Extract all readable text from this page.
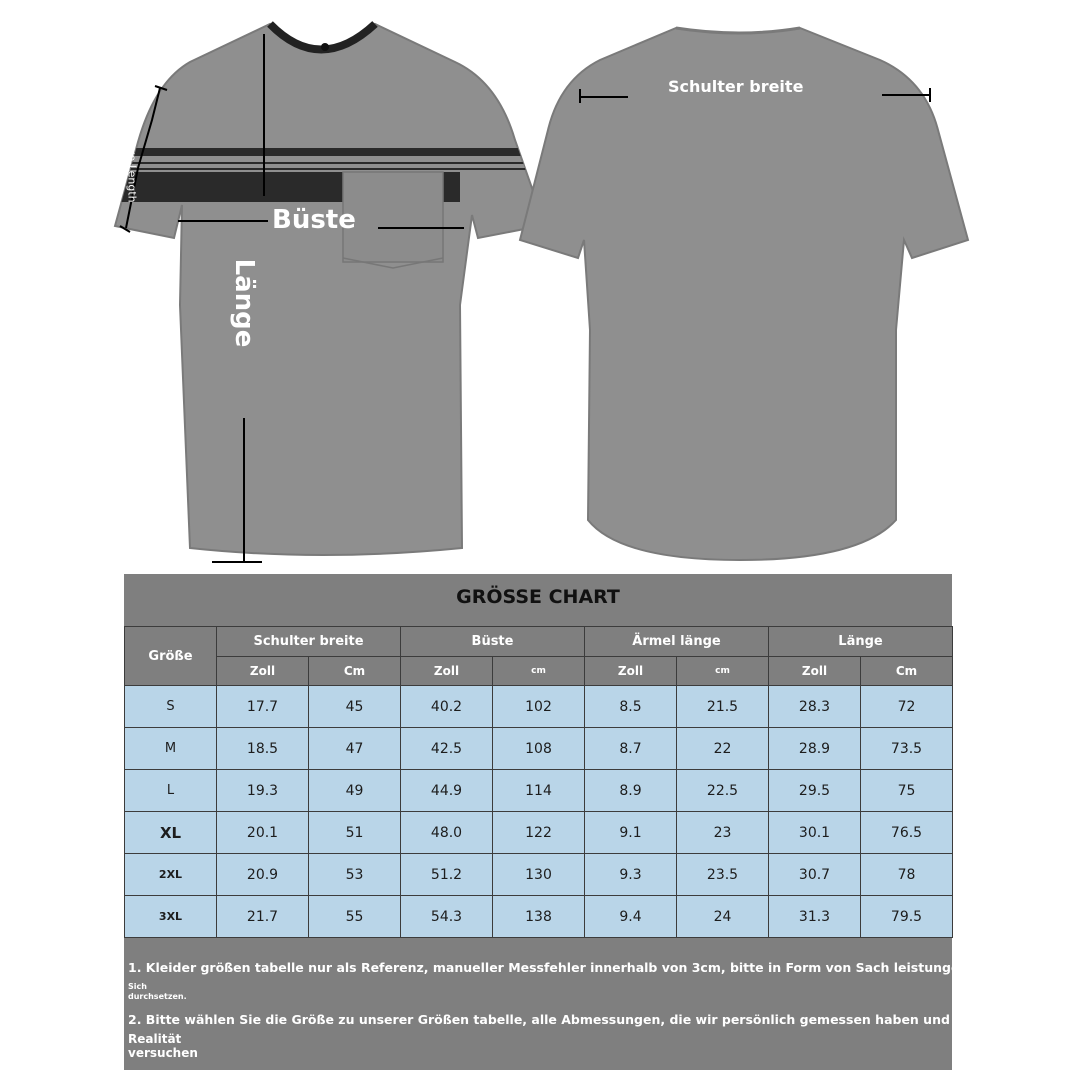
Sleeve Length
Büste
Länge
Schulter breite
GRÖSSE CHART
Größe	Schulter breite		Büste		Ärmel länge		Länge	
	Zoll	Cm	Zoll	cm	Zoll	cm	Zoll	Cm
S	17.7	45	40.2	102	8.5	21.5	28.3	72
M	18.5	47	42.5	108	8.7	22	28.9	73.5
L	19.3	49	44.9	114	8.9	22.5	29.5	75
XL	20.1	51	48.0	122	9.1	23	30.1	76.5
2XL	20.9	53	51.2	130	9.3	23.5	30.7	78
3XL	21.7	55	54.3	138	9.4	24	31.3	79.5
1. Kleider größen tabelle nur als Referenz, manueller Messfehler innerhalb von 3cm, bitte in Form von Sach leistungen
Sich durchsetzen.
2. Bitte wählen Sie die Größe zu unserer Größen tabelle, alle Abmessungen, die wir persönlich gemessen haben und
Realität versuchen
